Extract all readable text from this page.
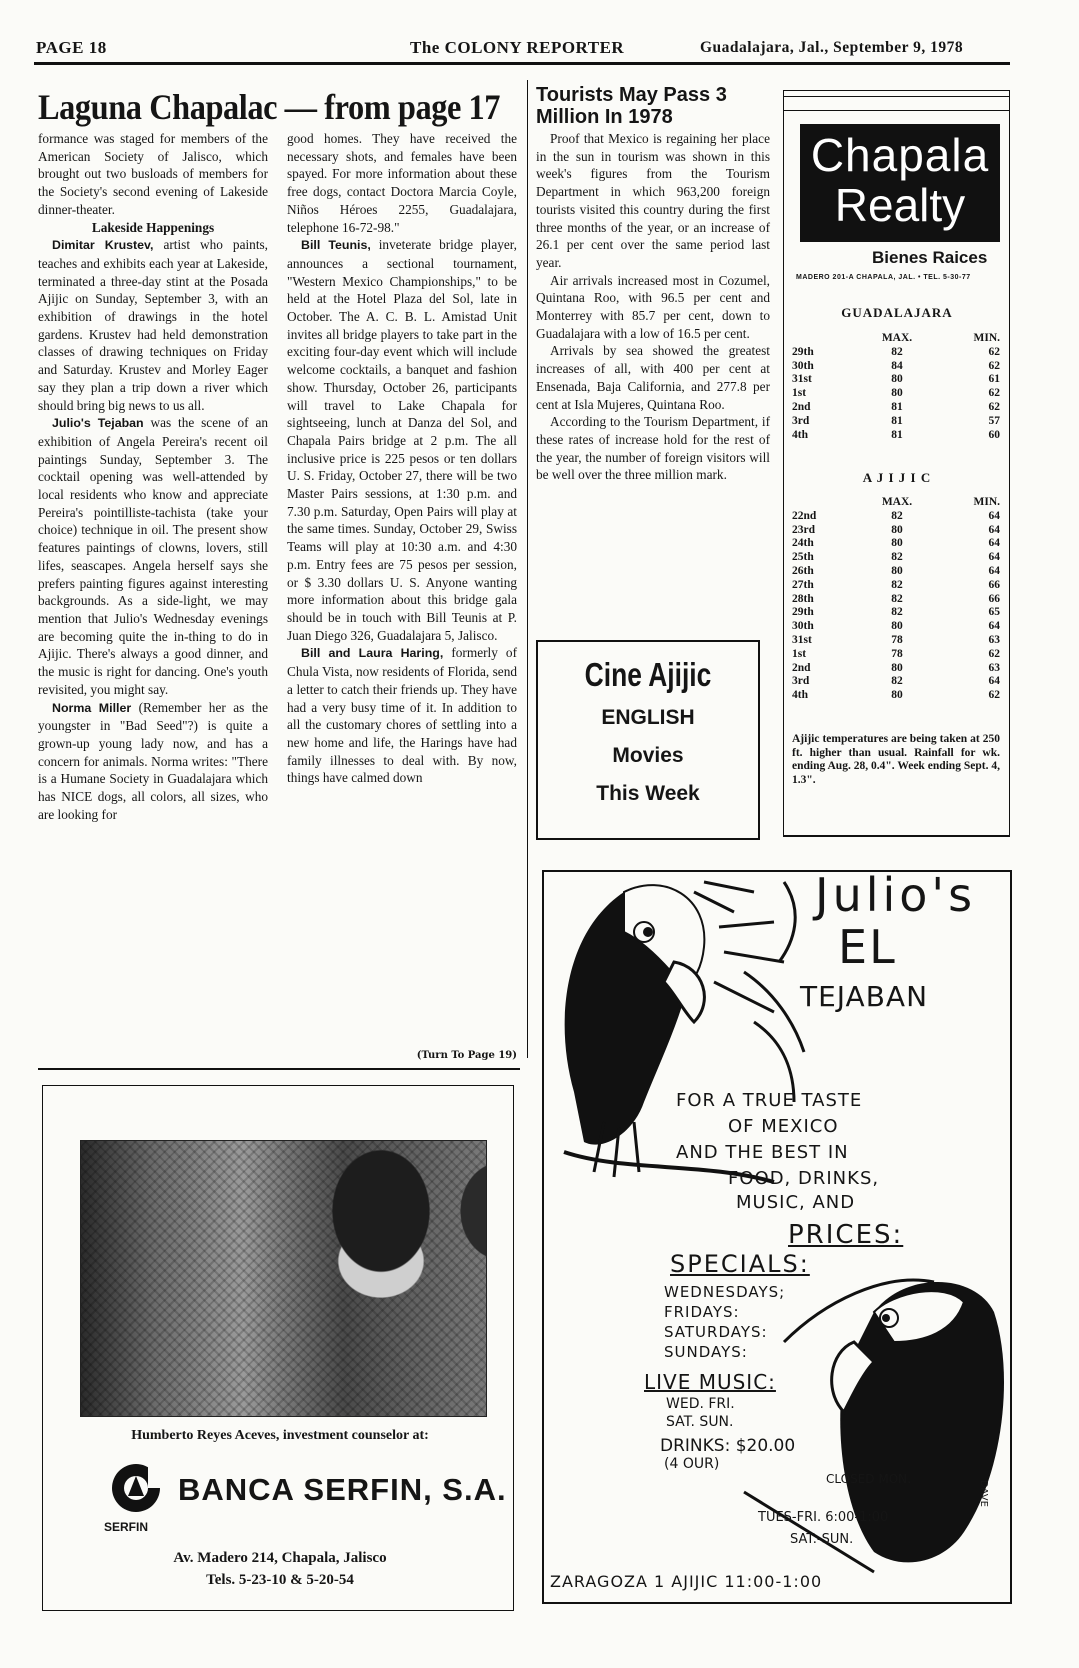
PAGE 18	The COLONY REPORTER	Guadalajara, Jal., September 9, 1978
Laguna Chapalac — from page 17

formance was staged for members of the American Society of Jalisco, which brought out two busloads of members for the Society's second evening of Lakeside dinner-theater.

Lakeside Happenings

Dimitar Krustev, artist who paints, teaches and exhibits each year at Lakeside, terminated a three-day stint at the Posada Ajijic on Sunday, September 3, with an exhibition of drawings in the hotel gardens. Krustev had held demonstration classes of drawing techniques on Friday and Saturday. Krustev and Morley Eager say they plan a trip down a river which should bring big news to us all.

Julio's Tejaban was the scene of an exhibition of Angela Pereira's recent oil paintings Sunday, September 3. The cocktail opening was well-attended by local residents who know and appreciate Pereira's pointilliste-tachista (take your choice) technique in oil. The present show features paintings of clowns, lovers, still lifes, seascapes. Angela herself says she prefers painting figures against interesting backgrounds. As a side-light, we may mention that Julio's Wednesday evenings are becoming quite the in-thing to do in Ajijic. There's always a good dinner, and the music is right for dancing. One's youth revisited, you might say.

Norma Miller (Remember her as the youngster in "Bad Seed"?) is quite a grown-up young lady now, and has a concern for animals. Norma writes: "There is a Humane Society in Guadalajara which has NICE dogs, all colors, all sizes, who are looking for

good homes. They have received the necessary shots, and females have been spayed. For more information about these free dogs, contact Doctora Marcia Coyle, Niños Héroes 2255, Guadalajara, telephone 16-72-98."

Bill Teunis, inveterate bridge player, announces a sectional tournament, "Western Mexico Championships," to be held at the Hotel Plaza del Sol, late in October. The A. C. B. L. Amistad Unit invites all bridge players to take part in the exciting four-day event which will include welcome cocktails, a banquet and fashion show. Thursday, October 26, participants will travel to Lake Chapala for sightseeing, lunch at Danza del Sol, and Chapala Pairs bridge at 2 p.m. The all inclusive price is 225 pesos or ten dollars U. S. Friday, October 27, there will be two Master Pairs sessions, at 1:30 p.m. and 7.30 p.m. Saturday, Open Pairs will play at the same times. Sunday, October 29, Swiss Teams will play at 10:30 a.m. and 4:30 p.m. Entry fees are 75 pesos per session, or $ 3.30 dollars U. S. Anyone wanting more information about this bridge gala should be in touch with Bill Teunis at P. Juan Diego 326, Guadalajara 5, Jalisco.

Bill and Laura Haring, formerly of Chula Vista, now residents of Florida, send a letter to catch their friends up. They have had a very busy time of it. In addition to all the customary chores of settling into a new home and life, the Harings have had family illnesses to deal with. By now, things have calmed down

(Turn To Page 19)
Tourists May Pass 3 Million In 1978

Proof that Mexico is regaining her place in the sun in tourism was shown in this week's figures from the Tourism Department in which 963,200 foreign tourists visited this country during the first three months of the year, or an increase of 26.1 per cent over the same period last year.

Air arrivals increased most in Cozumel, Quintana Roo, with 96.5 per cent and Monterrey with 85.7 per cent, down to Guadalajara with a low of 16.5 per cent.

Arrivals by sea showed the greatest increases of all, with 400 per cent at Ensenada, Baja California, and 277.8 per cent at Isla Mujeres, Quintana Roo.

According to the Tourism Department, if these rates of increase hold for the rest of the year, the number of foreign visitors will be well over the three million mark.

Cine Ajijic
ENGLISH
Movies
This Week
Chapala
Realty
Bienes Raices
MADERO 201-A CHAPALA, JAL. • TEL. 5-30-77
GUADALAJARA
	MAX.	MIN.
29th	82	62
30th	84	62
31st	80	61
1st	80	62
2nd	81	62
3rd	81	57
4th	81	60
A J I J I C
	MAX.	MIN.
22nd	82	64
23rd	80	64
24th	80	64
25th	82	64
26th	80	64
27th	82	66
28th	82	66
29th	82	65
30th	80	64
31st	78	63
1st	78	62
2nd	80	63
3rd	82	64
4th	80	62
Ajijic temperatures are being taken at 250 ft. higher than usual. Rainfall for wk. ending Aug. 28, 0.4". Week ending Sept. 4, 1.3".
Humberto Reyes Aceves, investment counselor at:
SERFIN
BANCA SERFIN, S.A.
Av. Madero 214, Chapala, Jalisco
Tels. 5-23-10 & 5-20-54
Julio's
EL
TEJABAN
FOR A TRUE TASTE
OF MEXICO
AND THE BEST IN
FOOD, DRINKS,
MUSIC, AND
PRICES:
SPECIALS:
WEDNESDAYS;
FRIDAYS:
SATURDAYS:
SUNDAYS:
LIVE MUSIC:
WED. FRI.
SAT. SUN.
DRINKS: $20.00
(4 OUR)
CLOSED MON.
TUES-FRI. 6:00-1:00
SAT.-SUN.
ZARAGOZA 1 AJIJIC 11:00-1:00
DAVE
